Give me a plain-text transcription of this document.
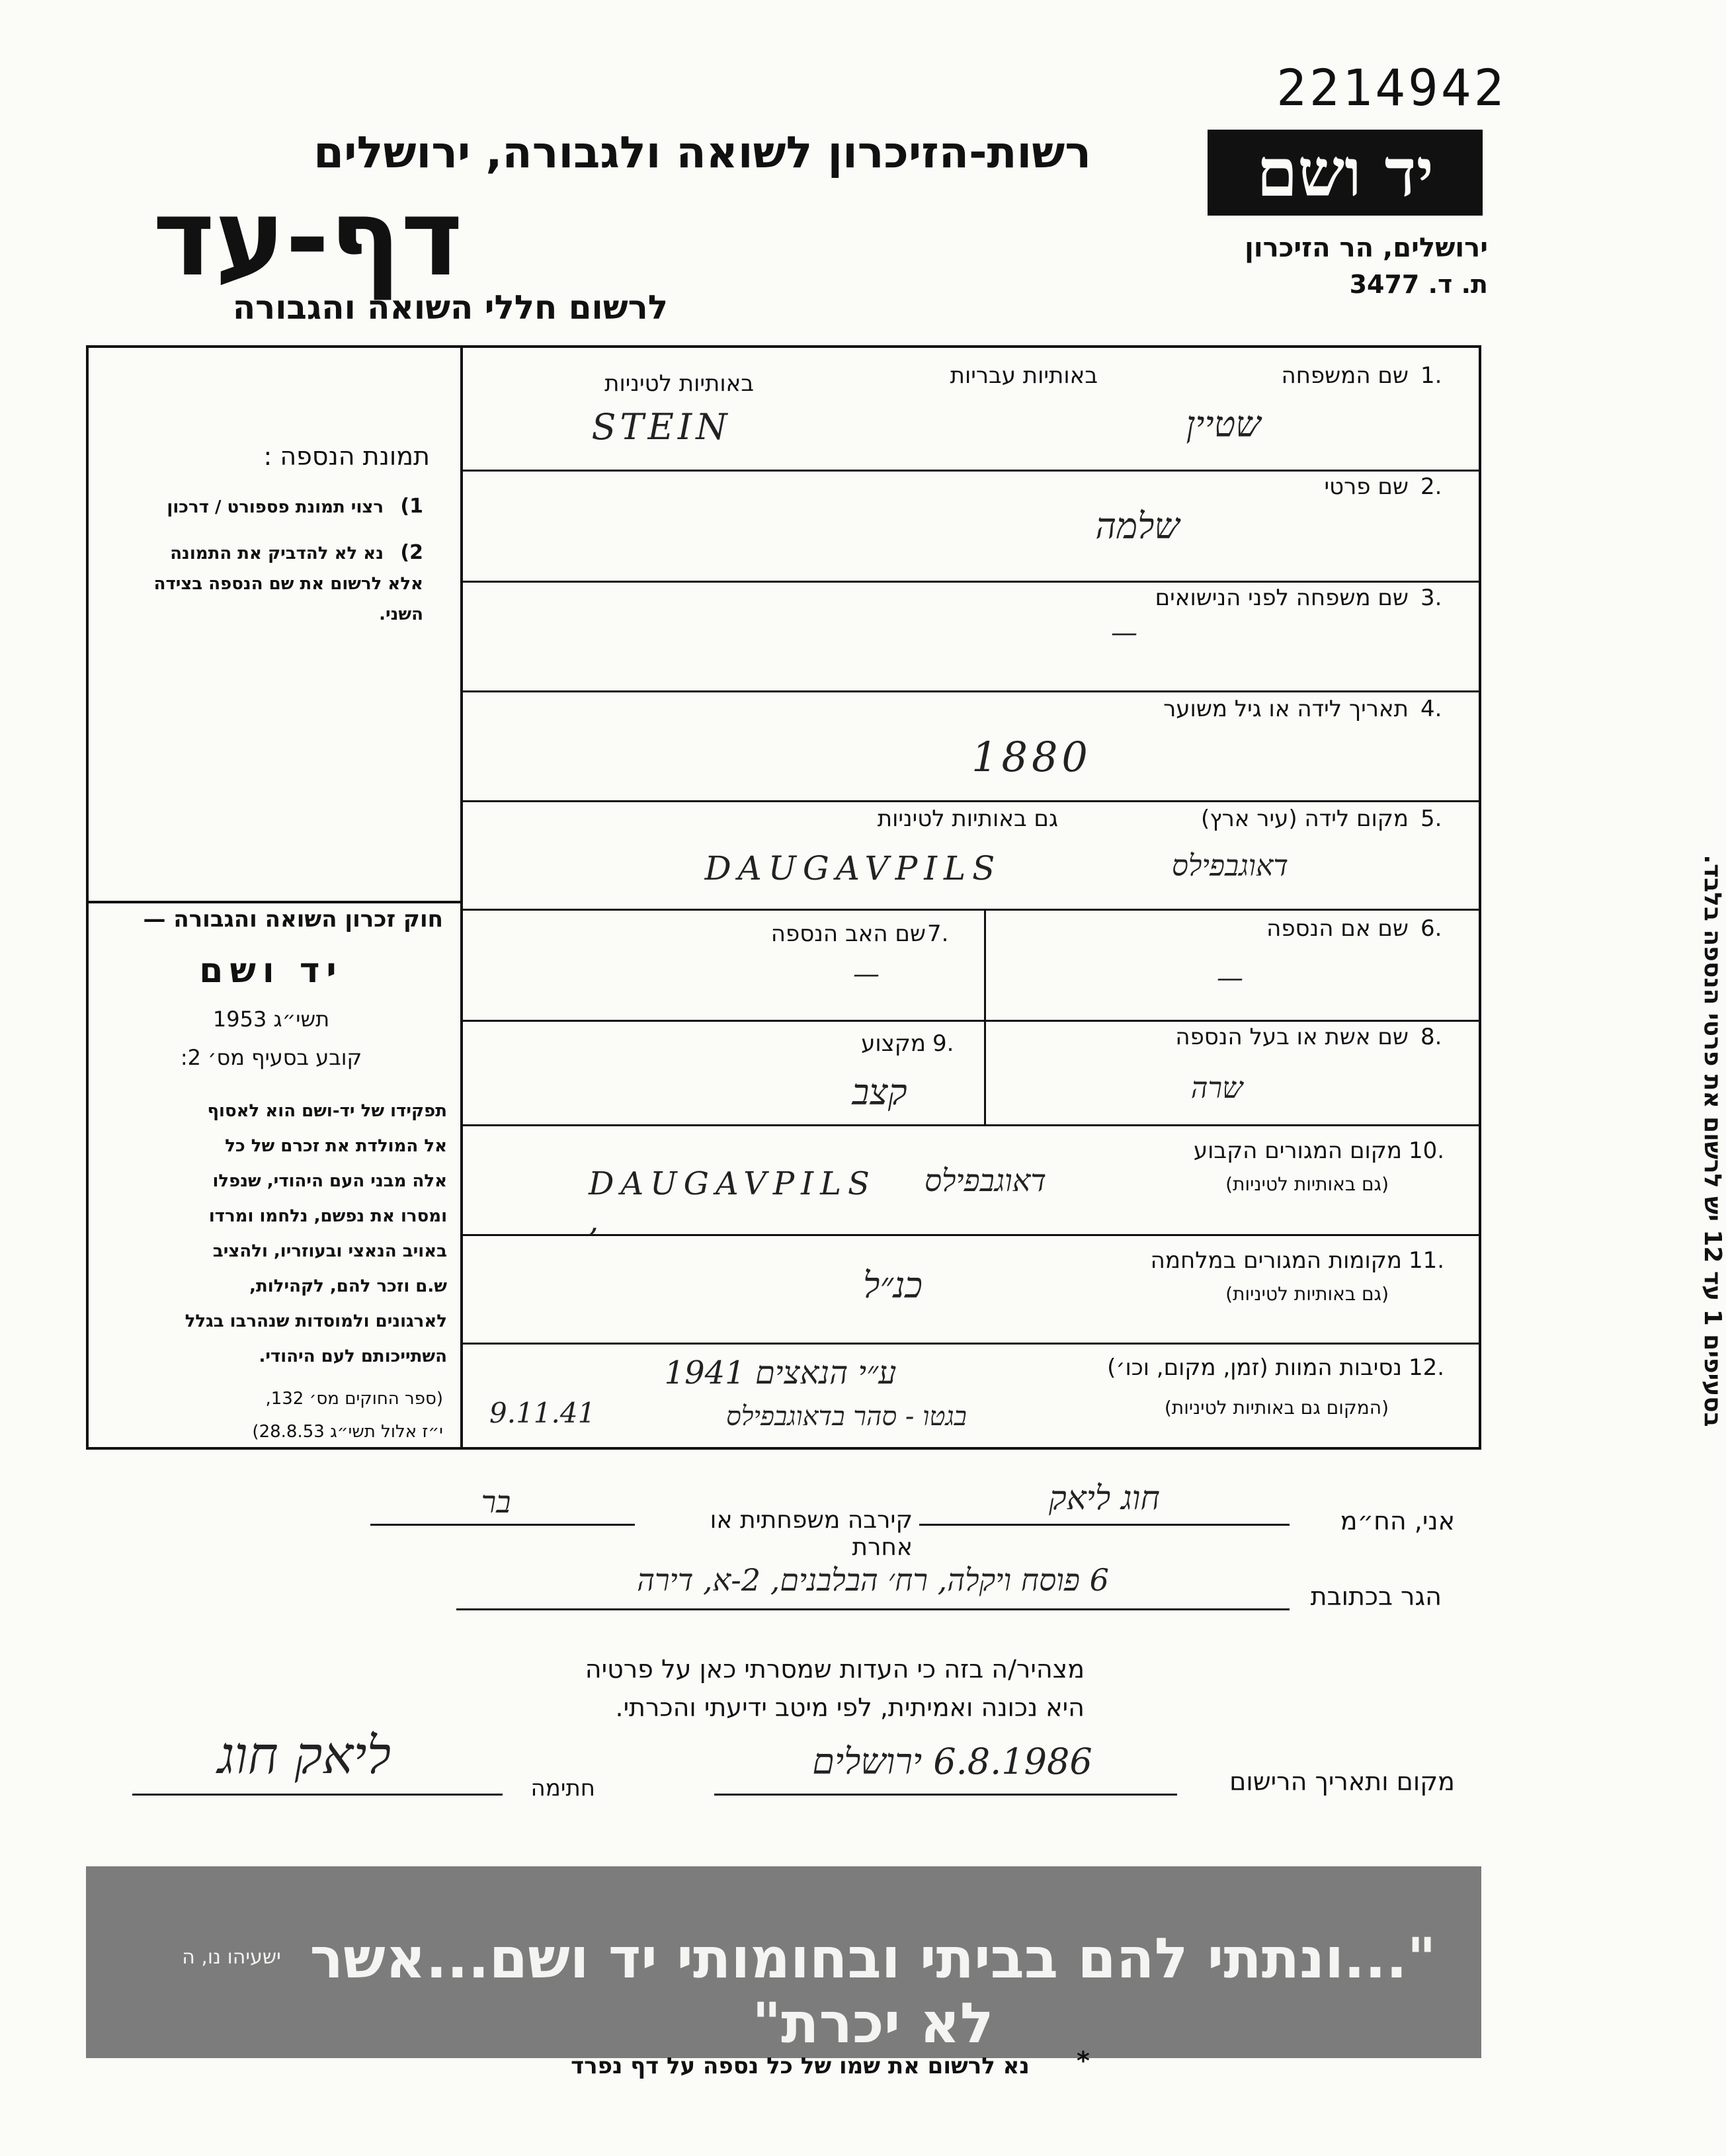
2214942
יד ושם
ירושלים, הר הזיכרון
ת. ד. 3477
רשות-הזיכרון לשואה ולגבורה, ירושלים
דף-עד
לרשום חללי השואה והגבורה
תמונת הנספה :
1)
רצוי תמונת פספורט / דרכון
2)
נא לא להדביק את התמונה
אלא לרשום את שם הנספה בצידה
השני.
חוק זכרון השואה והגבורה —
יד ושם
תשי״ג 1953
קובע בסעיף מס׳ 2:
תפקידו של יד-ושם הוא לאסוף
אל המולדת את זכרם של כל
אלה מבני העם היהודי, שנפלו
ומסרו את נפשם, נלחמו ומרדו
באויב הנאצי ובעוזריו, ולהציב
ש.ם וזכר להם, לקהילות,
לארגונים ולמוסדות שנהרבו בגלל
השתייכותם לעם היהודי.
(ספר החוקים מס׳ 132,
י״ז אלול תשי״ג 28.8.53)
1.
שם המשפחה
באותיות עבריות
באותיות לטיניות
שטיין
STEIN
2.
שם פרטי
שלמה
3.
שם משפחה לפני הנישואים
—
4.
תאריך לידה או גיל משוער
1880
5.
מקום לידה (עיר ארץ)
גם באותיות לטיניות
דאוגבפילס
DAUGAVPILS
6.
שם אם הנספה
—
7.
שם האב הנספה
—
8.
שם אשת או בעל הנספה
שרה
9.
מקצוע
קצב
10.
מקום המגורים הקבוע
(גם באותיות לטיניות)
DAUGAVPILS ,
דאוגבפילס
11.
מקומות המגורים במלחמה
(גם באותיות לטיניות)
כנ״ל
12.
נסיבות המוות (זמן, מקום, וכו׳)
(המקום גם באותיות לטיניות)
ע״י הנאצים 1941
בגטו - סהר בדאוגבפילס
9.11.41
בסעיפים 1 עד 12 יש לרשום את פרטי הנספה בלבד.
אני, הח״מ
חוג ליאק
קירבה משפחתית או אחרת
בר
הגר בכתובת
6 פוסח ויקלה, רח׳ הבלבנים, 2-א, דירה
מצהיר/ה בזה כי העדות שמסרתי כאן על פרטיה
היא נכונה ואמיתית, לפי מיטב ידיעתי והכרתי.
מקום ותאריך הרישום
6.8.1986 ירושלים
חתימה
ליאק חוג
"...ונתתי להם בביתי ובחומותי יד ושם...אשר לא יכרת"
ישעיהו נו, ה
*
נא לרשום את שמו של כל נספה על דף נפרד
